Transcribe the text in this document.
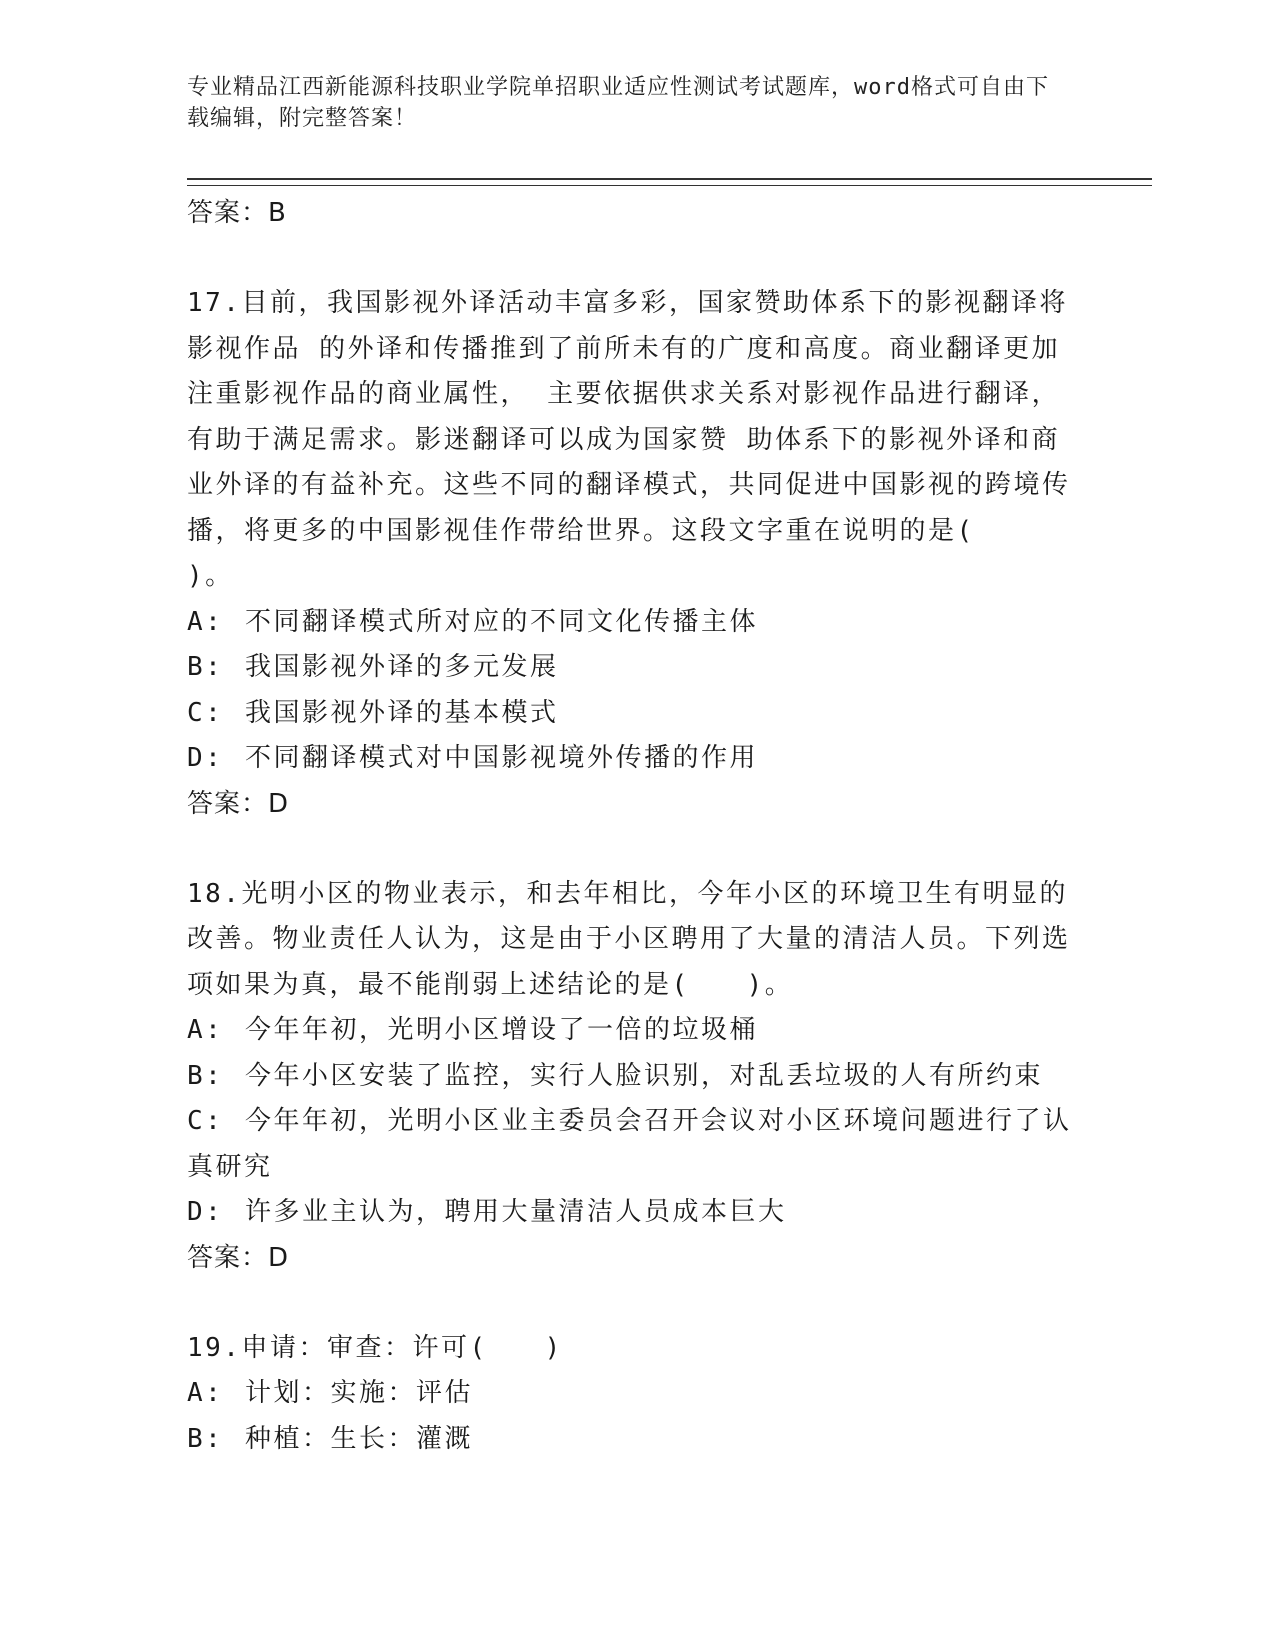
专业精品江西新能源科技职业学院单招职业适应性测试考试题库，word格式可自由下载编辑，附完整答案！
答案：B
17.目前，我国影视外译活动丰富多彩，国家赞助体系下的影视翻译将影视作品 的外译和传播推到了前所未有的广度和高度。商业翻译更加注重影视作品的商业属性， 主要依据供求关系对影视作品进行翻译，有助于满足需求。影迷翻译可以成为国家赞 助体系下的影视外译和商业外译的有益补充。这些不同的翻译模式，共同促进中国影视的跨境传播，将更多的中国影视佳作带给世界。这段文字重在说明的是(
)。
A: 不同翻译模式所对应的不同文化传播主体
B: 我国影视外译的多元发展
C: 我国影视外译的基本模式
D: 不同翻译模式对中国影视境外传播的作用
答案：D
18.光明小区的物业表示，和去年相比，今年小区的环境卫生有明显的改善。物业责任人认为，这是由于小区聘用了大量的清洁人员。下列选项如果为真，最不能削弱上述结论的是(　　)。
A: 今年年初，光明小区增设了一倍的垃圾桶
B: 今年小区安装了监控，实行人脸识别，对乱丢垃圾的人有所约束
C: 今年年初，光明小区业主委员会召开会议对小区环境问题进行了认真研究
D: 许多业主认为，聘用大量清洁人员成本巨大
答案：D
19.申请：审查：许可(　　)
A: 计划：实施：评估
B: 种植：生长：灌溉
